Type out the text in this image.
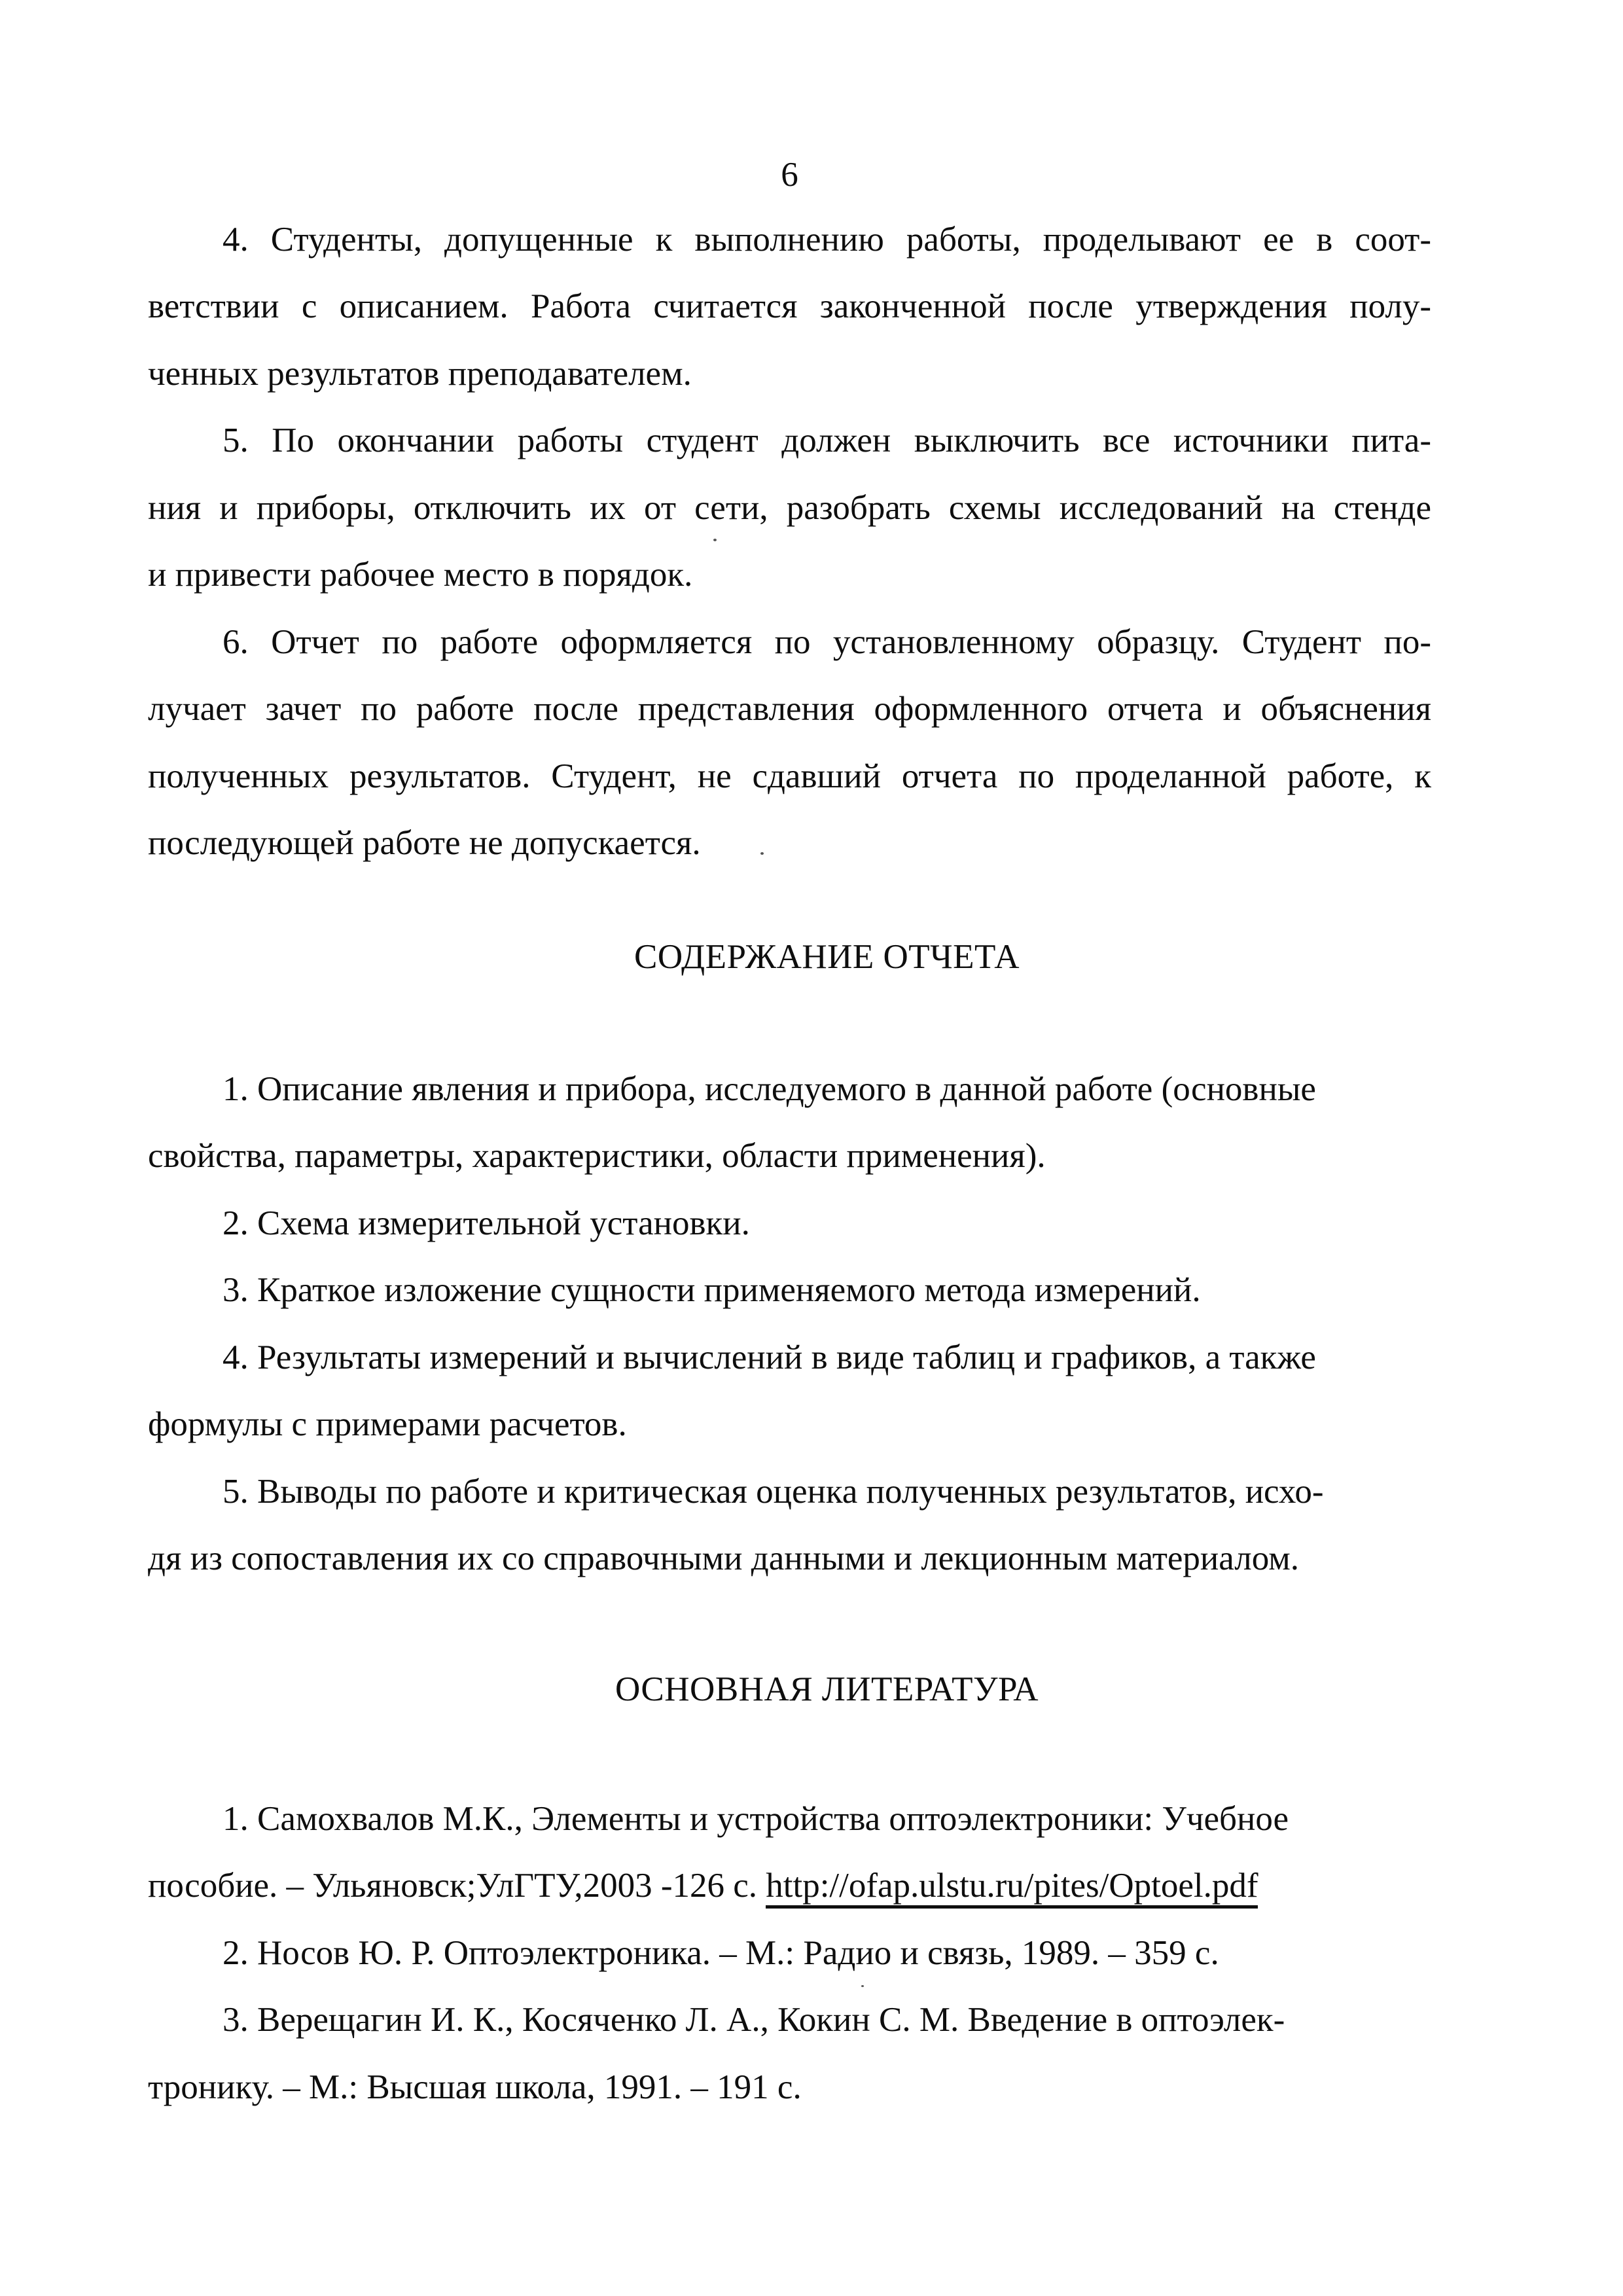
6
4. Студенты, допущенные к выполнению работы, проделывают ее в соот-
ветствии с описанием. Работа считается законченной после утверждения полу-
ченных результатов преподавателем.
5. По окончании работы студент должен выключить все источники пита-
ния и приборы, отключить их от сети, разобрать схемы исследований на стенде
и привести рабочее место в порядок.
6. Отчет по работе оформляется по установленному образцу. Студент по-
лучает зачет по работе после представления оформленного отчета и объяснения
полученных результатов. Студент, не сдавший отчета по проделанной работе, к
последующей работе не допускается.
СОДЕРЖАНИЕ ОТЧЕТА
1. Описание явления и прибора, исследуемого в данной работе (основные
свойства, параметры, характеристики, области применения).
2. Схема измерительной установки.
3. Краткое изложение сущности применяемого метода измерений.
4. Результаты измерений и вычислений в виде таблиц и графиков, а также
формулы с примерами расчетов.
5. Выводы по работе и критическая оценка полученных результатов, исхо-
дя из сопоставления их со справочными данными и лекционным материалом.
ОСНОВНАЯ ЛИТЕРАТУРА
1. Самохвалов М.К., Элементы и устройства оптоэлектроники: Учебное
пособие. – Ульяновск;УлГТУ,2003 -126 с. http://ofap.ulstu.ru/pites/Optoel.pdf
2. Носов Ю. Р. Оптоэлектроника. – М.: Радио и связь, 1989. – 359 с.
3. Верещагин И. К., Косяченко Л. А., Кокин С. М. Введение в оптоэлек-
тронику. – М.: Высшая школа, 1991. – 191 с.
